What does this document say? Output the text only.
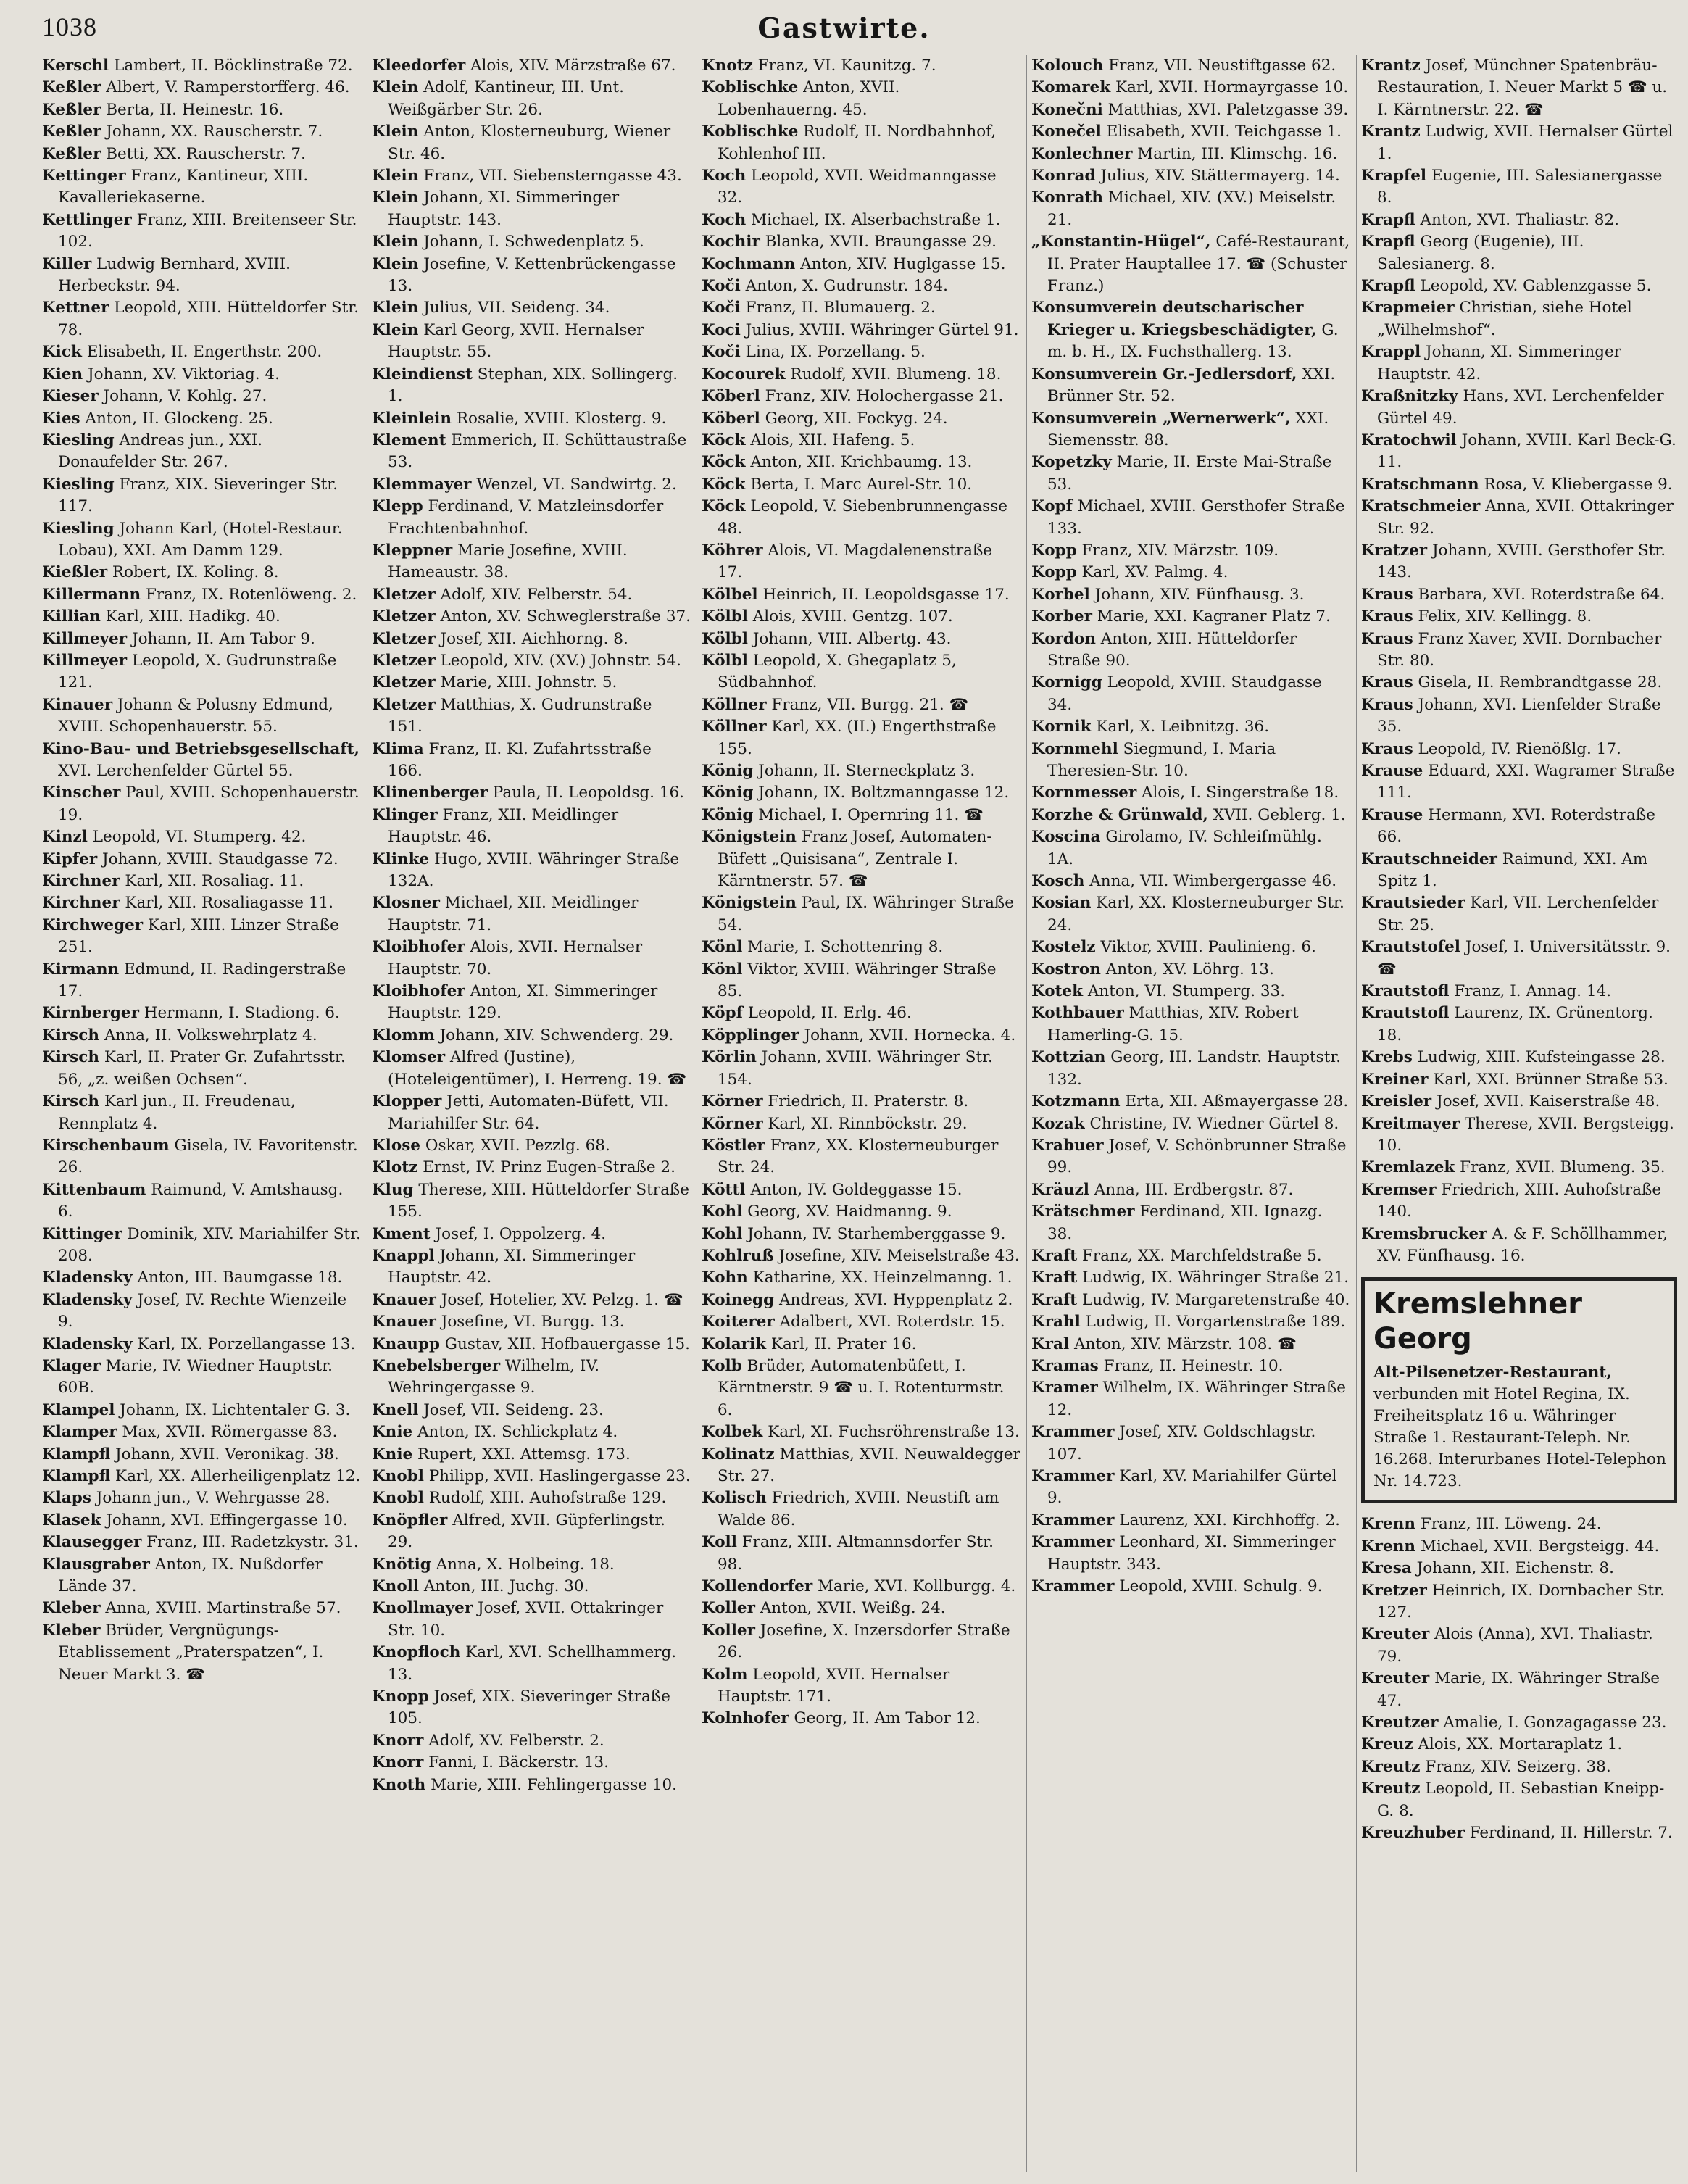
1038	Gastwirte.

Kerschl Lambert, II. Böcklinstraße 72.

Keßler Albert, V. Ramperstorfferg. 46.

Keßler Berta, II. Heinestr. 16.

Keßler Johann, XX. Rauscherstr. 7.

Keßler Betti, XX. Rauscherstr. 7.

Kettinger Franz, Kantineur, XIII. Kavalleriekaserne.

Kettlinger Franz, XIII. Breitenseer Str. 102.

Killer Ludwig Bernhard, XVIII. Herbeckstr. 94.

Kettner Leopold, XIII. Hütteldorfer Str. 78.

Kick Elisabeth, II. Engerthstr. 200.

Kien Johann, XV. Viktoriag. 4.

Kieser Johann, V. Kohlg. 27.

Kies Anton, II. Glockeng. 25.

Kiesling Andreas jun., XXI. Donaufelder Str. 267.

Kiesling Franz, XIX. Sieveringer Str. 117.

Kiesling Johann Karl, (Hotel-Restaur. Lobau), XXI. Am Damm 129.

Kießler Robert, IX. Koling. 8.

Killermann Franz, IX. Rotenlöweng. 2.

Killian Karl, XIII. Hadikg. 40.

Killmeyer Johann, II. Am Tabor 9.

Killmeyer Leopold, X. Gudrunstraße 121.

Kinauer Johann & Polusny Edmund, XVIII. Schopenhauerstr. 55.

Kino-Bau- und Betriebsgesellschaft, XVI. Lerchenfelder Gürtel 55.

Kinscher Paul, XVIII. Schopenhauerstr. 19.

Kinzl Leopold, VI. Stumperg. 42.

Kipfer Johann, XVIII. Staudgasse 72.

Kirchner Karl, XII. Rosaliag. 11.

Kirchner Karl, XII. Rosaliagasse 11.

Kirchweger Karl, XIII. Linzer Straße 251.

Kirmann Edmund, II. Radingerstraße 17.

Kirnberger Hermann, I. Stadiong. 6.

Kirsch Anna, II. Volkswehrplatz 4.

Kirsch Karl, II. Prater Gr. Zufahrtsstr. 56, „z. weißen Ochsen“.

Kirsch Karl jun., II. Freudenau, Rennplatz 4.

Kirschenbaum Gisela, IV. Favoritenstr. 26.

Kittenbaum Raimund, V. Amtshausg. 6.

Kittinger Dominik, XIV. Mariahilfer Str. 208.

Kladensky Anton, III. Baumgasse 18.

Kladensky Josef, IV. Rechte Wienzeile 9.

Kladensky Karl, IX. Porzellangasse 13.

Klager Marie, IV. Wiedner Hauptstr. 60B.

Klampel Johann, IX. Lichtentaler G. 3.

Klamper Max, XVII. Römergasse 83.

Klampfl Johann, XVII. Veronikag. 38.

Klampfl Karl, XX. Allerheiligenplatz 12.

Klaps Johann jun., V. Wehrgasse 28.

Klasek Johann, XVI. Effingergasse 10.

Klausegger Franz, III. Radetzkystr. 31.

Klausgraber Anton, IX. Nußdorfer Lände 37.

Kleber Anna, XVIII. Martinstraße 57.

Kleber Brüder, Vergnügungs-Etablissement „Praterspatzen“, I. Neuer Markt 3. ☎

Kleedorfer Alois, XIV. Märzstraße 67.

Klein Adolf, Kantineur, III. Unt. Weißgärber Str. 26.

Klein Anton, Klosterneuburg, Wiener Str. 46.

Klein Franz, VII. Siebensterngasse 43.

Klein Johann, XI. Simmeringer Hauptstr. 143.

Klein Johann, I. Schwedenplatz 5.

Klein Josefine, V. Kettenbrückengasse 13.

Klein Julius, VII. Seideng. 34.

Klein Karl Georg, XVII. Hernalser Hauptstr. 55.

Kleindienst Stephan, XIX. Sollingerg. 1.

Kleinlein Rosalie, XVIII. Klosterg. 9.

Klement Emmerich, II. Schüttaustraße 53.

Klemmayer Wenzel, VI. Sandwirtg. 2.

Klepp Ferdinand, V. Matzleinsdorfer Frachtenbahnhof.

Kleppner Marie Josefine, XVIII. Hameaustr. 38.

Kletzer Adolf, XIV. Felberstr. 54.

Kletzer Anton, XV. Schweglerstraße 37.

Kletzer Josef, XII. Aichhorng. 8.

Kletzer Leopold, XIV. (XV.) Johnstr. 54.

Kletzer Marie, XIII. Johnstr. 5.

Kletzer Matthias, X. Gudrunstraße 151.

Klima Franz, II. Kl. Zufahrtsstraße 166.

Klinenberger Paula, II. Leopoldsg. 16.

Klinger Franz, XII. Meidlinger Hauptstr. 46.

Klinke Hugo, XVIII. Währinger Straße 132A.

Klosner Michael, XII. Meidlinger Hauptstr. 71.

Kloibhofer Alois, XVII. Hernalser Hauptstr. 70.

Kloibhofer Anton, XI. Simmeringer Hauptstr. 129.

Klomm Johann, XIV. Schwenderg. 29.

Klomser Alfred (Justine), (Hoteleigentümer), I. Herreng. 19. ☎

Klopper Jetti, Automaten-Büfett, VII. Mariahilfer Str. 64.

Klose Oskar, XVII. Pezzlg. 68.

Klotz Ernst, IV. Prinz Eugen-Straße 2.

Klug Therese, XIII. Hütteldorfer Straße 155.

Kment Josef, I. Oppolzerg. 4.

Knappl Johann, XI. Simmeringer Hauptstr. 42.

Knauer Josef, Hotelier, XV. Pelzg. 1. ☎

Knauer Josefine, VI. Burgg. 13.

Knaupp Gustav, XII. Hofbauergasse 15.

Knebelsberger Wilhelm, IV. Wehringergasse 9.

Knell Josef, VII. Seideng. 23.

Knie Anton, IX. Schlickplatz 4.

Knie Rupert, XXI. Attemsg. 173.

Knobl Philipp, XVII. Haslingergasse 23.

Knobl Rudolf, XIII. Auhofstraße 129.

Knöpfler Alfred, XVII. Güpferlingstr. 29.

Knötig Anna, X. Holbeing. 18.

Knoll Anton, III. Juchg. 30.

Knollmayer Josef, XVII. Ottakringer Str. 10.

Knopfloch Karl, XVI. Schellhammerg. 13.

Knopp Josef, XIX. Sieveringer Straße 105.

Knorr Adolf, XV. Felberstr. 2.

Knorr Fanni, I. Bäckerstr. 13.

Knoth Marie, XIII. Fehlingergasse 10.

Knotz Franz, VI. Kaunitzg. 7.

Koblischke Anton, XVII. Lobenhauerng. 45.

Koblischke Rudolf, II. Nordbahnhof, Kohlenhof III.

Koch Leopold, XVII. Weidmanngasse 32.

Koch Michael, IX. Alserbachstraße 1.

Kochir Blanka, XVII. Braungasse 29.

Kochmann Anton, XIV. Huglgasse 15.

Koči Anton, X. Gudrunstr. 184.

Koči Franz, II. Blumauerg. 2.

Koci Julius, XVIII. Währinger Gürtel 91.

Koči Lina, IX. Porzellang. 5.

Kocourek Rudolf, XVII. Blumeng. 18.

Köberl Franz, XIV. Holochergasse 21.

Köberl Georg, XII. Fockyg. 24.

Köck Alois, XII. Hafeng. 5.

Köck Anton, XII. Krichbaumg. 13.

Köck Berta, I. Marc Aurel-Str. 10.

Köck Leopold, V. Siebenbrunnengasse 48.

Köhrer Alois, VI. Magdalenenstraße 17.

Kölbel Heinrich, II. Leopoldsgasse 17.

Kölbl Alois, XVIII. Gentzg. 107.

Kölbl Johann, VIII. Albertg. 43.

Kölbl Leopold, X. Ghegaplatz 5, Südbahnhof.

Köllner Franz, VII. Burgg. 21. ☎

Köllner Karl, XX. (II.) Engerthstraße 155.

König Johann, II. Sterneckplatz 3.

König Johann, IX. Boltzmanngasse 12.

König Michael, I. Opernring 11. ☎

Königstein Franz Josef, Automaten-Büfett „Quisisana“, Zentrale I. Kärntnerstr. 57. ☎

Königstein Paul, IX. Währinger Straße 54.

Könl Marie, I. Schottenring 8.

Könl Viktor, XVIII. Währinger Straße 85.

Köpf Leopold, II. Erlg. 46.

Köpplinger Johann, XVII. Hornecka. 4.

Körlin Johann, XVIII. Währinger Str. 154.

Körner Friedrich, II. Praterstr. 8.

Körner Karl, XI. Rinnböckstr. 29.

Köstler Franz, XX. Klosterneuburger Str. 24.

Köttl Anton, IV. Goldeggasse 15.

Kohl Georg, XV. Haidmanng. 9.

Kohl Johann, IV. Starhemberggasse 9.

Kohlruß Josefine, XIV. Meiselstraße 43.

Kohn Katharine, XX. Heinzelmanng. 1.

Koinegg Andreas, XVI. Hyppenplatz 2.

Koiterer Adalbert, XVI. Roterdstr. 15.

Kolarik Karl, II. Prater 16.

Kolb Brüder, Automatenbüfett, I. Kärntnerstr. 9 ☎ u. I. Rotenturmstr. 6.

Kolbek Karl, XI. Fuchsröhrenstraße 13.

Kolinatz Matthias, XVII. Neuwaldegger Str. 27.

Kolisch Friedrich, XVIII. Neustift am Walde 86.

Koll Franz, XIII. Altmannsdorfer Str. 98.

Kollendorfer Marie, XVI. Kollburgg. 4.

Koller Anton, XVII. Weißg. 24.

Koller Josefine, X. Inzersdorfer Straße 26.

Kolm Leopold, XVII. Hernalser Hauptstr. 171.

Kolnhofer Georg, II. Am Tabor 12.

Kolouch Franz, VII. Neustiftgasse 62.

Komarek Karl, XVII. Hormayrgasse 10.

Konečni Matthias, XVI. Paletzgasse 39.

Konečel Elisabeth, XVII. Teichgasse 1.

Konlechner Martin, III. Klimschg. 16.

Konrad Julius, XIV. Stättermayerg. 14.

Konrath Michael, XIV. (XV.) Meiselstr. 21.

„Konstantin-Hügel“, Café-Restaurant, II. Prater Hauptallee 17. ☎ (Schuster Franz.)

Konsumverein deutscharischer Krieger u. Kriegsbeschädigter, G. m. b. H., IX. Fuchsthallerg. 13.

Konsumverein Gr.-Jedlersdorf, XXI. Brünner Str. 52.

Konsumverein „Wernerwerk“, XXI. Siemensstr. 88.

Kopetzky Marie, II. Erste Mai-Straße 53.

Kopf Michael, XVIII. Gersthofer Straße 133.

Kopp Franz, XIV. Märzstr. 109.

Kopp Karl, XV. Palmg. 4.

Korbel Johann, XIV. Fünfhausg. 3.

Korber Marie, XXI. Kagraner Platz 7.

Kordon Anton, XIII. Hütteldorfer Straße 90.

Kornigg Leopold, XVIII. Staudgasse 34.

Kornik Karl, X. Leibnitzg. 36.

Kornmehl Siegmund, I. Maria Theresien-Str. 10.

Kornmesser Alois, I. Singerstraße 18.

Korzhe & Grünwald, XVII. Geblerg. 1.

Koscina Girolamo, IV. Schleifmühlg. 1A.

Kosch Anna, VII. Wimbergergasse 46.

Kosian Karl, XX. Klosterneuburger Str. 24.

Kostelz Viktor, XVIII. Paulinieng. 6.

Kostron Anton, XV. Löhrg. 13.

Kotek Anton, VI. Stumperg. 33.

Kothbauer Matthias, XIV. Robert Hamerling-G. 15.

Kottzian Georg, III. Landstr. Hauptstr. 132.

Kotzmann Erta, XII. Aßmayergasse 28.

Kozak Christine, IV. Wiedner Gürtel 8.

Krabuer Josef, V. Schönbrunner Straße 99.

Kräuzl Anna, III. Erdbergstr. 87.

Krätschmer Ferdinand, XII. Ignazg. 38.

Kraft Franz, XX. Marchfeldstraße 5.

Kraft Ludwig, IX. Währinger Straße 21.

Kraft Ludwig, IV. Margaretenstraße 40.

Krahl Ludwig, II. Vorgartenstraße 189.

Kral Anton, XIV. Märzstr. 108. ☎

Kramas Franz, II. Heinestr. 10.

Kramer Wilhelm, IX. Währinger Straße 12.

Krammer Josef, XIV. Goldschlagstr. 107.

Krammer Karl, XV. Mariahilfer Gürtel 9.

Krammer Laurenz, XXI. Kirchhoffg. 2.

Krammer Leonhard, XI. Simmeringer Hauptstr. 343.

Krammer Leopold, XVIII. Schulg. 9.

Krantz Josef, Münchner Spatenbräu-Restauration, I. Neuer Markt 5 ☎ u. I. Kärntnerstr. 22. ☎

Krantz Ludwig, XVII. Hernalser Gürtel 1.

Krapfel Eugenie, III. Salesianergasse 8.

Krapfl Anton, XVI. Thaliastr. 82.

Krapfl Georg (Eugenie), III. Salesianerg. 8.

Krapfl Leopold, XV. Gablenzgasse 5.

Krapmeier Christian, siehe Hotel „Wilhelmshof“.

Krappl Johann, XI. Simmeringer Hauptstr. 42.

Kraßnitzky Hans, XVI. Lerchenfelder Gürtel 49.

Kratochwil Johann, XVIII. Karl Beck-G. 11.

Kratschmann Rosa, V. Kliebergasse 9.

Kratschmeier Anna, XVII. Ottakringer Str. 92.

Kratzer Johann, XVIII. Gersthofer Str. 143.

Kraus Barbara, XVI. Roterdstraße 64.

Kraus Felix, XIV. Kellingg. 8.

Kraus Franz Xaver, XVII. Dornbacher Str. 80.

Kraus Gisela, II. Rembrandtgasse 28.

Kraus Johann, XVI. Lienfelder Straße 35.

Kraus Leopold, IV. Rienößlg. 17.

Krause Eduard, XXI. Wagramer Straße 111.

Krause Hermann, XVI. Roterdstraße 66.

Krautschneider Raimund, XXI. Am Spitz 1.

Krautsieder Karl, VII. Lerchenfelder Str. 25.

Krautstofel Josef, I. Universitätsstr. 9. ☎

Krautstofl Franz, I. Annag. 14.

Krautstofl Laurenz, IX. Grünentorg. 18.

Krebs Ludwig, XIII. Kufsteingasse 28.

Kreiner Karl, XXI. Brünner Straße 53.

Kreisler Josef, XVII. Kaiserstraße 48.

Kreitmayer Therese, XVII. Bergsteigg. 10.

Kremlazek Franz, XVII. Blumeng. 35.

Kremser Friedrich, XIII. Auhofstraße 140.

Kremsbrucker A. & F. Schöllhammer, XV. Fünfhausg. 16.

Kremslehner Georg

Alt-Pilsenetzer-Restaurant, verbunden mit Hotel Regina, IX. Freiheitsplatz 16 u. Währinger Straße 1. Restaurant-Teleph. Nr. 16.268. Interurbanes Hotel-Telephon Nr. 14.723.

Krenn Franz, III. Löweng. 24.

Krenn Michael, XVII. Bergsteigg. 44.

Kresa Johann, XII. Eichenstr. 8.

Kretzer Heinrich, IX. Dornbacher Str. 127.

Kreuter Alois (Anna), XVI. Thaliastr. 79.

Kreuter Marie, IX. Währinger Straße 47.

Kreutzer Amalie, I. Gonzagagasse 23.

Kreuz Alois, XX. Mortaraplatz 1.

Kreutz Franz, XIV. Seizerg. 38.

Kreutz Leopold, II. Sebastian Kneipp-G. 8.

Kreuzhuber Ferdinand, II. Hillerstr. 7.
